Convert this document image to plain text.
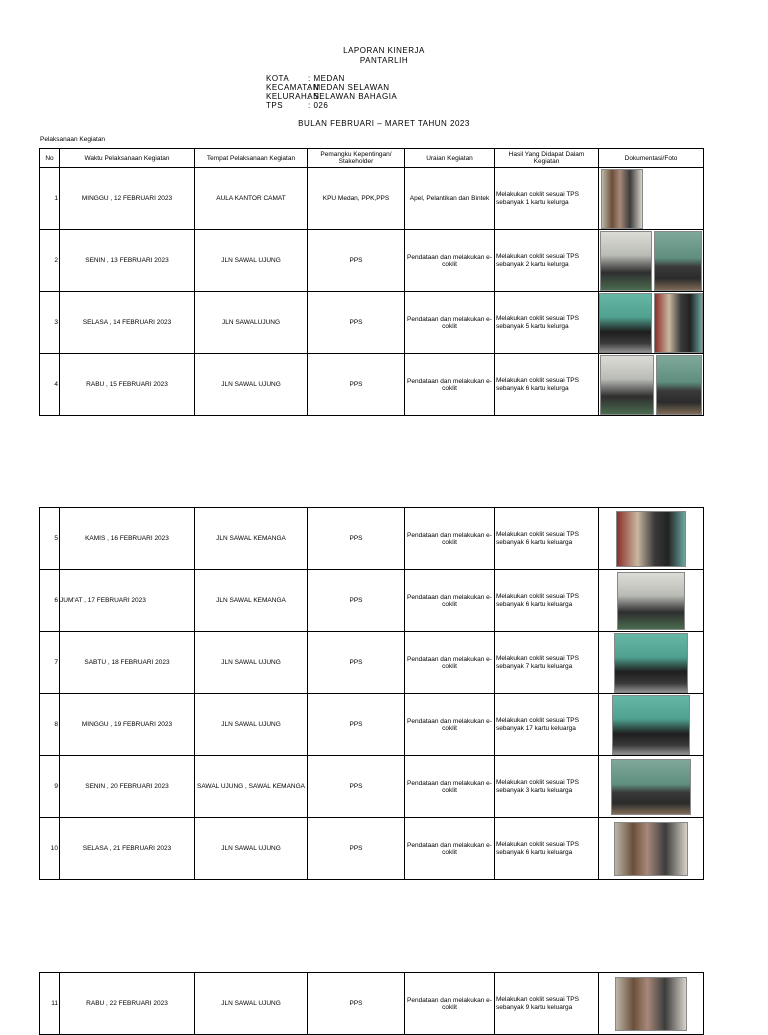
LAPORAN KINERJA
PANTARLIH
KOTA	: MEDAN
KECAMATAN
: MEDAN SELAWAN
KELURAHAN
: SELAWAN BAHAGIA
TPS	: 026
BULAN FEBRUARI – MARET TAHUN 2023
Pelaksanaan Kegiatan
No	Waktu Pelaksanaan Kegiatan	Tempat Pelaksanaan Kegiatan	Pemangku Kepentingan/ Stakeholder	Uraian Kegiatan	Hasil Yang Didapat Dalam Kegiatan	Dokumentasi/Foto
1	MINGGU , 12 FEBRUARI 2023	AULA KANTOR CAMAT	KPU Medan, PPK,PPS	Apel, Pelantikan dan Bintek	Melakukan coklit sesuai TPS sebanyak 1 kartu kelurga	

2	SENIN , 13 FEBRUARI 2023	JLN SAWAL UJUNG	PPS	Pendataan dan melakukan e-coklit	Melakukan coklit sesuai TPS sebanyak 2 kartu kelurga	

3	SELASA , 14 FEBRUARI 2023	JLN SAWALUJUNG	PPS	Pendataan dan melakukan e-coklit	Melakukan coklit sesuai TPS sebanyak 5 kartu kelurga	

4	RABU , 15 FEBRUARI 2023	JLN SAWAL UJUNG	PPS	Pendataan dan melakukan e-coklit	Melakukan coklit sesuai TPS sebanyak 6 kartu kelurga	
5	KAMIS , 16 FEBRUARI 2023	JLN SAWAL KEMANGA	PPS	Pendataan dan melakukan e-coklit	Melakukan coklit sesuai TPS sebanyak 6 kartu keluarga	

6	JUM'AT , 17 FEBRUARI 2023	JLN SAWAL KEMANGA	PPS	Pendataan dan melakukan e-coklit	Melakukan coklit sesuai TPS sebanyak 6 kartu keluarga	

7	SABTU , 18 FEBRUARI 2023	JLN SAWAL UJUNG	PPS	Pendataan dan melakukan e-coklit	Melakukan coklit sesuai TPS sebanyak 7 kartu keluarga	

8	MINGGU , 19 FEBRUARI 2023	JLN SAWAL UJUNG	PPS	Pendataan dan melakukan e-coklit	Melakukan coklit sesuai TPS sebanyak 17 kartu keluarga	

9	SENIN , 20 FEBRUARI 2023	SAWAL UJUNG , SAWAL KEMANGA	PPS	Pendataan dan melakukan e-coklit	Melakukan coklit sesuai TPS sebanyak 3 kartu keluarga	

10	SELASA , 21 FEBRUARI 2023	JLN SAWAL UJUNG	PPS	Pendataan dan melakukan e-coklit	Melakukan coklit sesuai TPS sebanyak 6 kartu keluarga	
11	RABU , 22 FEBRUARI 2023	JLN SAWAL UJUNG	PPS	Pendataan dan melakukan e-coklit	Melakukan coklit sesuai TPS sebanyak 9 kartu keluarga	
